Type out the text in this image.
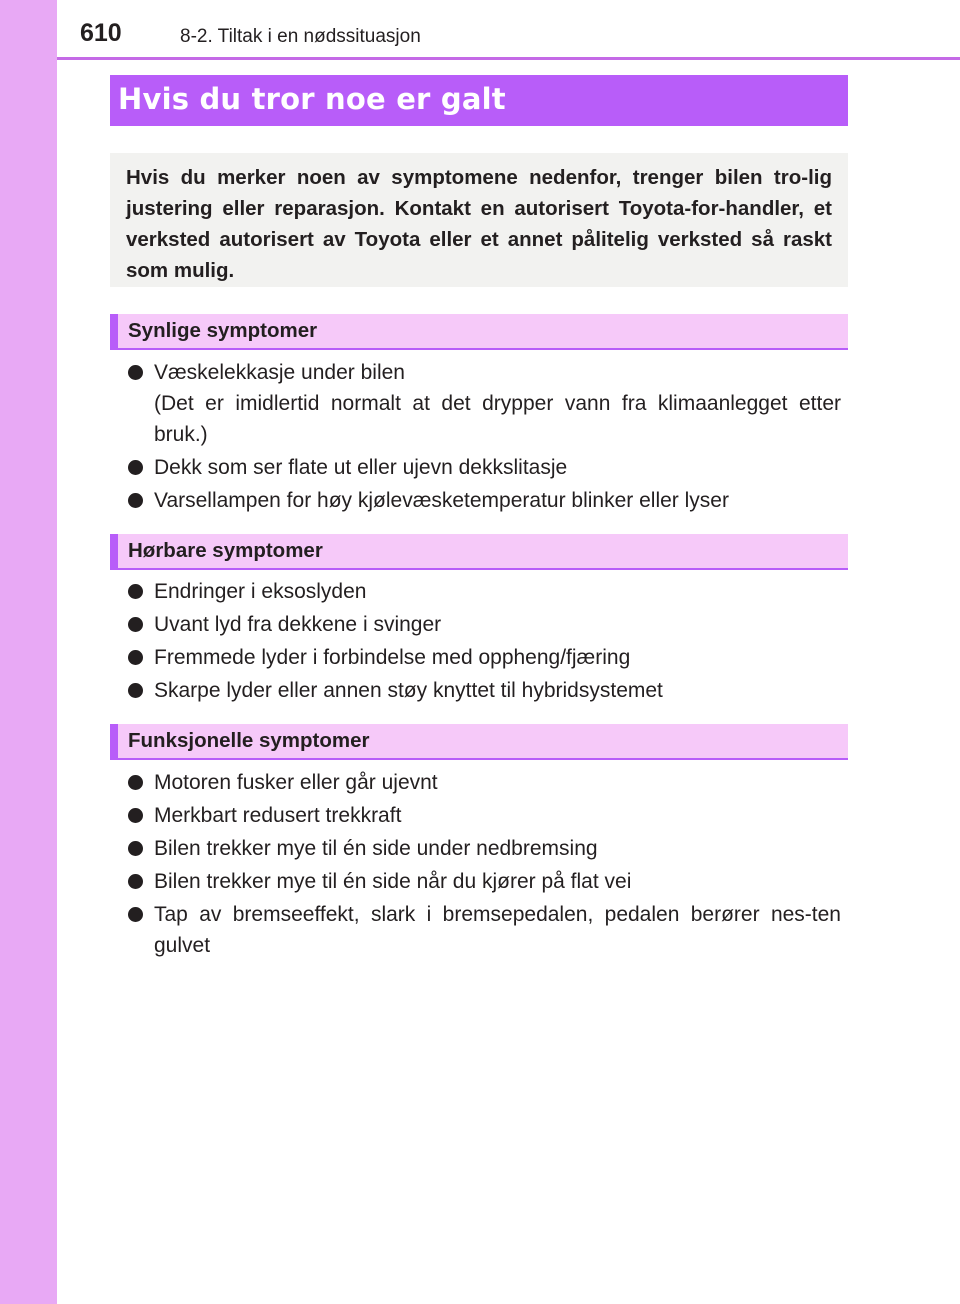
610	8-2. Tiltak i en nødssituasjon
Hvis du tror noe er galt
Hvis du merker noen av symptomene nedenfor, trenger bilen tro-lig justering eller reparasjon. Kontakt en autorisert Toyota-for-handler, et verksted autorisert av Toyota eller et annet pålitelig verksted så raskt som mulig.
Synlige symptomer
Væskelekkasje under bilen
(Det er imidlertid normalt at det drypper vann fra klimaanlegget etter bruk.)
Dekk som ser flate ut eller ujevn dekkslitasje
Varsellampen for høy kjølevæsketemperatur blinker eller lyser
Hørbare symptomer
Endringer i eksoslyden
Uvant lyd fra dekkene i svinger
Fremmede lyder i forbindelse med oppheng/fjæring
Skarpe lyder eller annen støy knyttet til hybridsystemet
Funksjonelle symptomer
Motoren fusker eller går ujevnt
Merkbart redusert trekkraft
Bilen trekker mye til én side under nedbremsing
Bilen trekker mye til én side når du kjører på flat vei
Tap av bremseeffekt, slark i bremsepedalen, pedalen berører nes-ten gulvet
